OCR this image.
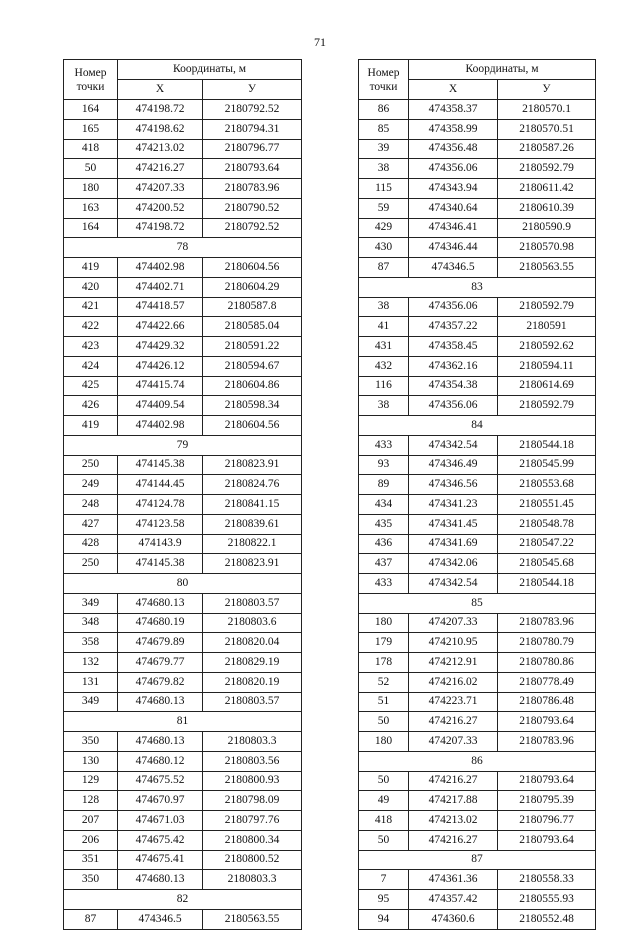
71
Номер точки	Координаты, м	
	X	У
164	474198.72	2180792.52
165	474198.62	2180794.31
418	474213.02	2180796.77
50	474216.27	2180793.64
180	474207.33	2180783.96
163	474200.52	2180790.52
164	474198.72	2180792.52
78		
419	474402.98	2180604.56
420	474402.71	2180604.29
421	474418.57	2180587.8
422	474422.66	2180585.04
423	474429.32	2180591.22
424	474426.12	2180594.67
425	474415.74	2180604.86
426	474409.54	2180598.34
419	474402.98	2180604.56
79		
250	474145.38	2180823.91
249	474144.45	2180824.76
248	474124.78	2180841.15
427	474123.58	2180839.61
428	474143.9	2180822.1
250	474145.38	2180823.91
80		
349	474680.13	2180803.57
348	474680.19	2180803.6
358	474679.89	2180820.04
132	474679.77	2180829.19
131	474679.82	2180820.19
349	474680.13	2180803.57
81		
350	474680.13	2180803.3
130	474680.12	2180803.56
129	474675.52	2180800.93
128	474670.97	2180798.09
207	474671.03	2180797.76
206	474675.42	2180800.34
351	474675.41	2180800.52
350	474680.13	2180803.3
82		
87	474346.5	2180563.55
Номер точки	Координаты, м	
	X	У
86	474358.37	2180570.1
85	474358.99	2180570.51
39	474356.48	2180587.26
38	474356.06	2180592.79
115	474343.94	2180611.42
59	474340.64	2180610.39
429	474346.41	2180590.9
430	474346.44	2180570.98
87	474346.5	2180563.55
83		
38	474356.06	2180592.79
41	474357.22	2180591
431	474358.45	2180592.62
432	474362.16	2180594.11
116	474354.38	2180614.69
38	474356.06	2180592.79
84		
433	474342.54	2180544.18
93	474346.49	2180545.99
89	474346.56	2180553.68
434	474341.23	2180551.45
435	474341.45	2180548.78
436	474341.69	2180547.22
437	474342.06	2180545.68
433	474342.54	2180544.18
85		
180	474207.33	2180783.96
179	474210.95	2180780.79
178	474212.91	2180780.86
52	474216.02	2180778.49
51	474223.71	2180786.48
50	474216.27	2180793.64
180	474207.33	2180783.96
86		
50	474216.27	2180793.64
49	474217.88	2180795.39
418	474213.02	2180796.77
50	474216.27	2180793.64
87		
7	474361.36	2180558.33
95	474357.42	2180555.93
94	474360.6	2180552.48
